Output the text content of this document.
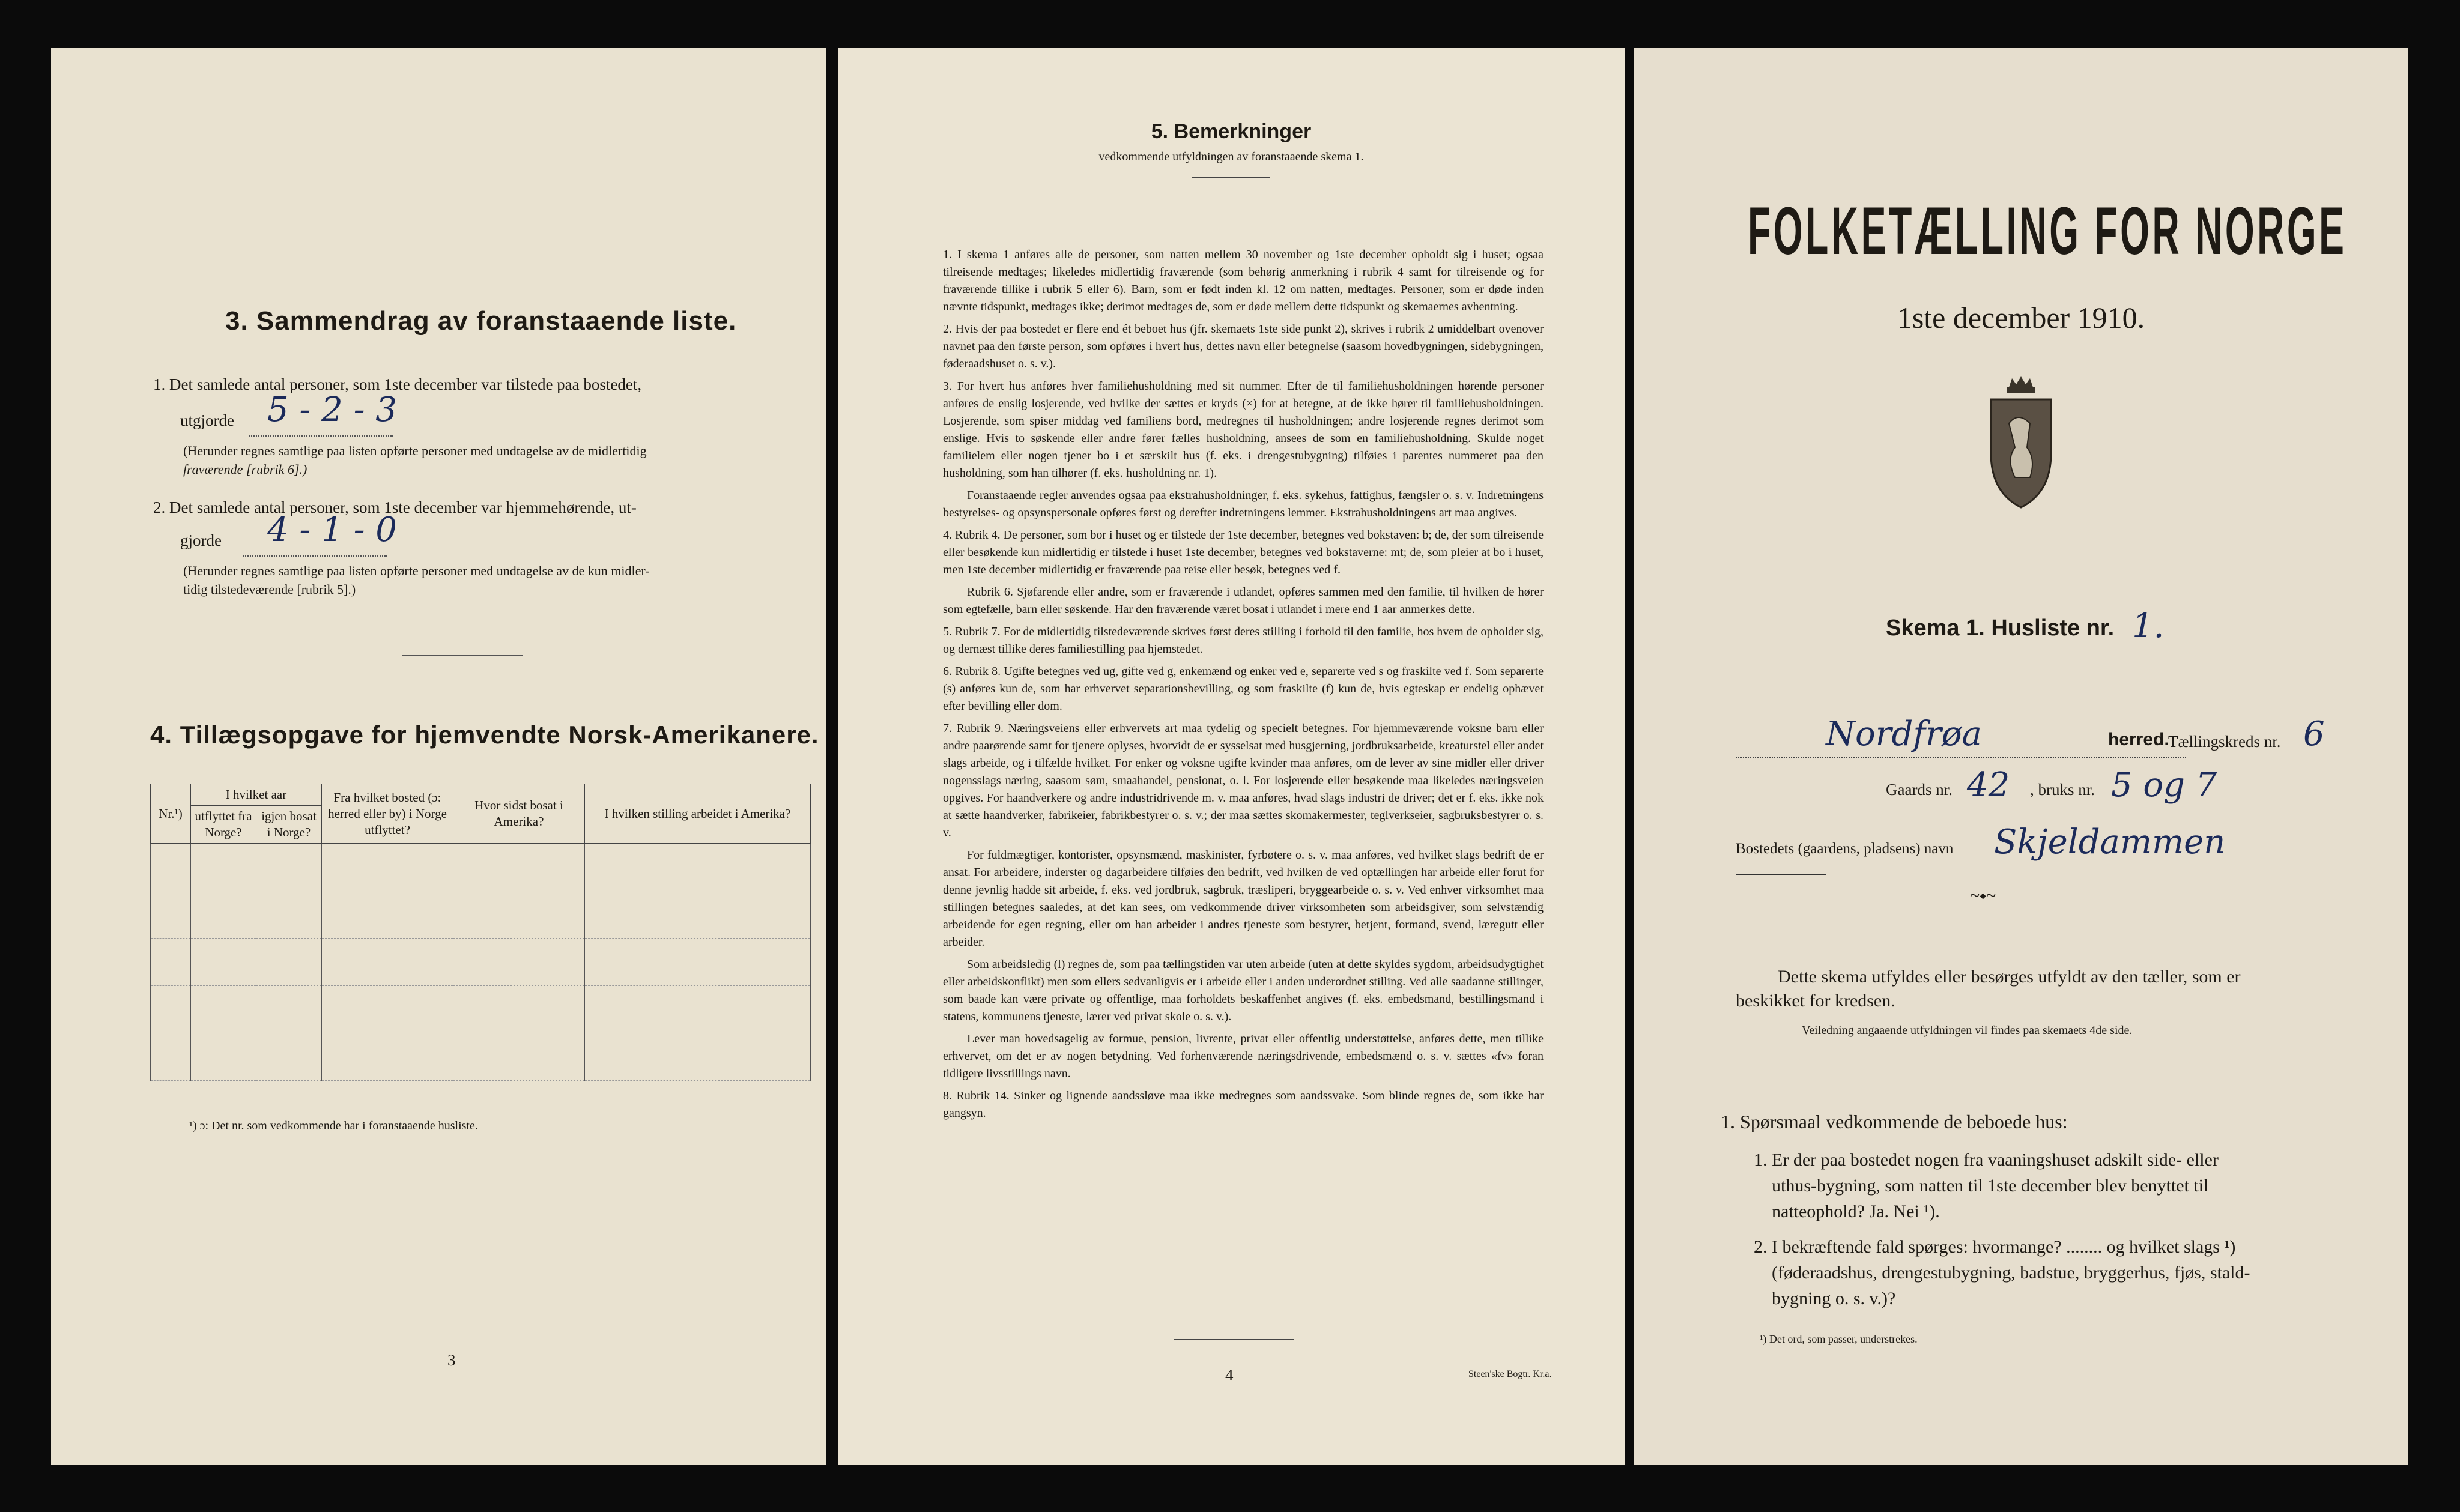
3. Sammendrag av foranstaaende liste.
1. Det samlede antal personer, som 1ste december var tilstede paa bostedet,
utgjorde 5 - 2 - 3
(Herunder regnes samtlige paa listen opførte personer med undtagelse av de midlertidig
fraværende [rubrik 6].)
2. Det samlede antal personer, som 1ste december var hjemmehørende, ut-
gjorde 4 - 1 - 0
(Herunder regnes samtlige paa listen opførte personer med undtagelse av de kun midler-
tidig tilstedeværende [rubrik 5].)
4. Tillægsopgave for hjemvendte Norsk-Amerikanere.
Nr.¹)	I hvilket aar		Fra hvilket bosted (ɔ: herred eller by) i Norge utflyttet?	Hvor sidst bosat i Amerika?	I hvilken stilling arbeidet i Amerika?
	utflyttet fra Norge?	igjen bosat i Norge?			

¹) ɔ: Det nr. som vedkommende har i foranstaaende husliste.
3
5. Bemerkninger
vedkommende utfyldningen av foranstaaende skema 1.

1. I skema 1 anføres alle de personer, som natten mellem 30 november og 1ste december opholdt sig i huset; ogsaa tilreisende medtages; likeledes midlertidig fraværende (som behørig anmerkning i rubrik 4 samt for tilreisende og for fraværende tillike i rubrik 5 eller 6). Barn, som er født inden kl. 12 om natten, medtages. Personer, som er døde inden nævnte tidspunkt, medtages ikke; derimot medtages de, som er døde mellem dette tidspunkt og skemaernes avhentning.

2. Hvis der paa bostedet er flere end ét beboet hus (jfr. skemaets 1ste side punkt 2), skrives i rubrik 2 umiddelbart ovenover navnet paa den første person, som opføres i hvert hus, dettes navn eller betegnelse (saasom hovedbygningen, sidebygningen, føderaadshuset o. s. v.).

3. For hvert hus anføres hver familiehusholdning med sit nummer. Efter de til familiehusholdningen hørende personer anføres de enslig losjerende, ved hvilke der sættes et kryds (×) for at betegne, at de ikke hører til familiehusholdningen. Losjerende, som spiser middag ved familiens bord, medregnes til husholdningen; andre losjerende regnes derimot som enslige. Hvis to søskende eller andre fører fælles husholdning, ansees de som en familiehusholdning. Skulde noget familielem eller nogen tjener bo i et særskilt hus (f. eks. i drengestubygning) tilføies i parentes nummeret paa den husholdning, som han tilhører (f. eks. husholdning nr. 1).

Foranstaaende regler anvendes ogsaa paa ekstrahusholdninger, f. eks. sykehus, fattighus, fængsler o. s. v. Indretningens bestyrelses- og opsynspersonale opføres først og derefter indretningens lemmer. Ekstrahusholdningens art maa angives.

4. Rubrik 4. De personer, som bor i huset og er tilstede der 1ste december, betegnes ved bokstaven: b; de, der som tilreisende eller besøkende kun midlertidig er tilstede i huset 1ste december, betegnes ved bokstaverne: mt; de, som pleier at bo i huset, men 1ste december midlertidig er fraværende paa reise eller besøk, betegnes ved f.

Rubrik 6. Sjøfarende eller andre, som er fraværende i utlandet, opføres sammen med den familie, til hvilken de hører som egtefælle, barn eller søskende. Har den fraværende været bosat i utlandet i mere end 1 aar anmerkes dette.

5. Rubrik 7. For de midlertidig tilstedeværende skrives først deres stilling i forhold til den familie, hos hvem de opholder sig, og dernæst tillike deres familiestilling paa hjemstedet.

6. Rubrik 8. Ugifte betegnes ved ug, gifte ved g, enkemænd og enker ved e, separerte ved s og fraskilte ved f. Som separerte (s) anføres kun de, som har erhvervet separationsbevilling, og som fraskilte (f) kun de, hvis egteskap er endelig ophævet efter bevilling eller dom.

7. Rubrik 9. Næringsveiens eller erhvervets art maa tydelig og specielt betegnes. For hjemmeværende voksne barn eller andre paarørende samt for tjenere oplyses, hvorvidt de er sysselsat med husgjerning, jordbruksarbeide, kreaturstel eller andet slags arbeide, og i tilfælde hvilket. For enker og voksne ugifte kvinder maa anføres, om de lever av sine midler eller driver nogensslags næring, saasom søm, smaahandel, pensionat, o. l. For losjerende eller besøkende maa likeledes næringsveien opgives. For haandverkere og andre industridrivende m. v. maa anføres, hvad slags industri de driver; det er f. eks. ikke nok at sætte haandverker, fabrikeier, fabrikbestyrer o. s. v.; der maa sættes skomakermester, teglverkseier, sagbruksbestyrer o. s. v.

For fuldmægtiger, kontorister, opsynsmænd, maskinister, fyrbøtere o. s. v. maa anføres, ved hvilket slags bedrift de er ansat. For arbeidere, inderster og dagarbeidere tilføies den bedrift, ved hvilken de ved optællingen har arbeide eller forut for denne jevnlig hadde sit arbeide, f. eks. ved jordbruk, sagbruk, træsliperi, bryggearbeide o. s. v. Ved enhver virksomhet maa stillingen betegnes saaledes, at det kan sees, om vedkommende driver virksomheten som arbeidsgiver, som selvstændig arbeidende for egen regning, eller om han arbeider i andres tjeneste som bestyrer, betjent, formand, svend, læregutt eller arbeider.

Som arbeidsledig (l) regnes de, som paa tællingstiden var uten arbeide (uten at dette skyldes sygdom, arbeidsudygtighet eller arbeidskonflikt) men som ellers sedvanligvis er i arbeide eller i anden underordnet stilling. Ved alle saadanne stillinger, som baade kan være private og offentlige, maa forholdets beskaffenhet angives (f. eks. embedsmand, bestillingsmand i statens, kommunens tjeneste, lærer ved privat skole o. s. v.).

Lever man hovedsagelig av formue, pension, livrente, privat eller offentlig understøttelse, anføres dette, men tillike erhvervet, om det er av nogen betydning. Ved forhenværende næringsdrivende, embedsmænd o. s. v. sættes «fv» foran tidligere livsstillings navn.

8. Rubrik 14. Sinker og lignende aandssløve maa ikke medregnes som aandssvake. Som blinde regnes de, som ikke har gangsyn.

4	Steen'ske Bogtr. Kr.a.
FOLKETÆLLING FOR NORGE
1ste december 1910.
Skema 1. Husliste nr. 1.
Nordfrøa	herred.
Tællingskreds nr. 6
Gaards nr. 42 , bruks nr. 5 og 7
Bostedets (gaardens, pladsens) navn Skjeldammen
~⬩~
Dette skema utfyldes eller besørges utfyldt av den tæller, som er
beskikket for kredsen.
Veiledning angaaende utfyldningen vil findes paa skemaets 4de side.
1. Spørsmaal vedkommende de beboede hus:
1. Er der paa bostedet nogen fra vaaningshuset adskilt side- eller
uthus-bygning, som natten til 1ste december blev benyttet til
natteophold? Ja. Nei ¹).
2. I bekræftende fald spørges: hvormange? ........ og hvilket slags ¹)
(føderaadshus, drengestubygning, badstue, bryggerhus, fjøs, stald-
bygning o. s. v.)?
¹) Det ord, som passer, understrekes.
